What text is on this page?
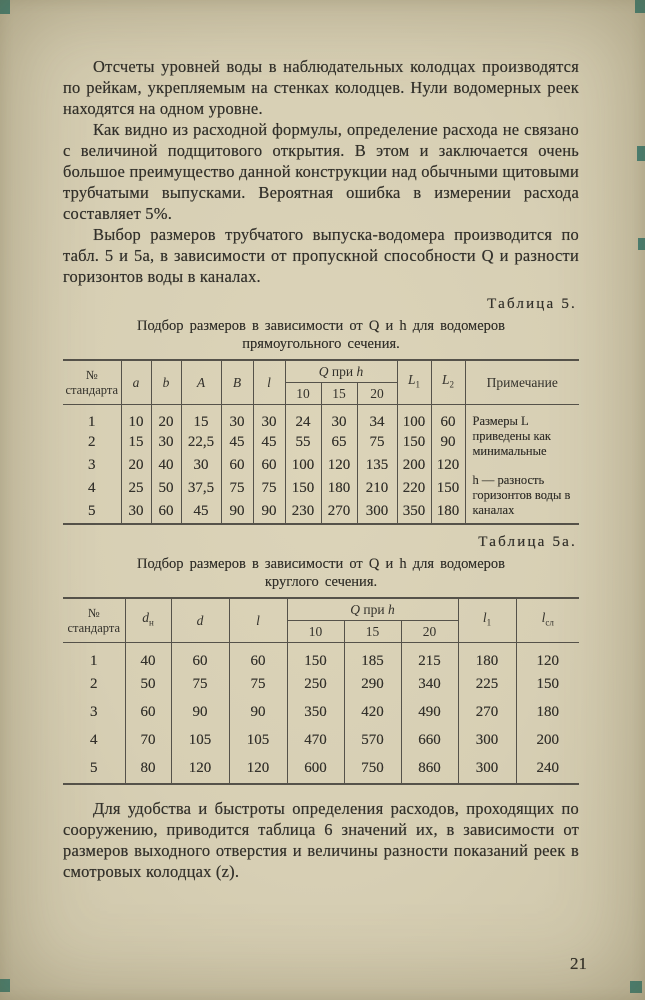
Отсчеты уровней воды в наблюдательных колодцах производятся по рейкам, укрепляемым на стенках колодцев. Нули водомерных реек находятся на одном уровне.

Как видно из расходной формулы, определение расхода не связано с величиной подщитового открытия. В этом и заключается очень большое преимущество данной конструкции над обычными щитовыми трубчатыми выпусками. Вероятная ошибка в измерении расхода составляет 5%.

Выбор размеров трубчатого выпуска-водомера производится по табл. 5 и 5а, в зависимости от пропускной способности Q и разности горизонтов воды в каналах.

Таблица 5.
Подбор размеров в зависимости от Q и h для водомеров
прямоугольного сечения.
№ стандарта	a	b	A	B	l	Q при h			$L_1$	$L_2$	Примечание
						10	15	20			
1	10	20	15	30	30	24	30	34	100	60	Размеры L приведены как минимальные
h — разность горизонтов воды в каналах

2	15	30	22,5	45	45	55	65	75	150	90	
3	20	40	30	60	60	100	120	135	200	120	
4	25	50	37,5	75	75	150	180	210	220	150	
5	30	60	45	90	90	230	270	300	350	180	
Таблица 5а.
Подбор размеров в зависимости от Q и h для водомеров
круглого сечения.
№ стандарта	$d_н$	d	l	Q при h			$l_1$	$l_{сл}$
				10	15	20		
1	40	60	60	150	185	215	180	120
2	50	75	75	250	290	340	225	150
3	60	90	90	350	420	490	270	180
4	70	105	105	470	570	660	300	200
5	80	120	120	600	750	860	300	240

Для удобства и быстроты определения расходов, проходящих по сооружению, приводится таблица 6 значений их, в зависимости от размеров выходного отверстия и величины разности показаний реек в смотровых колодцах (z).

21
